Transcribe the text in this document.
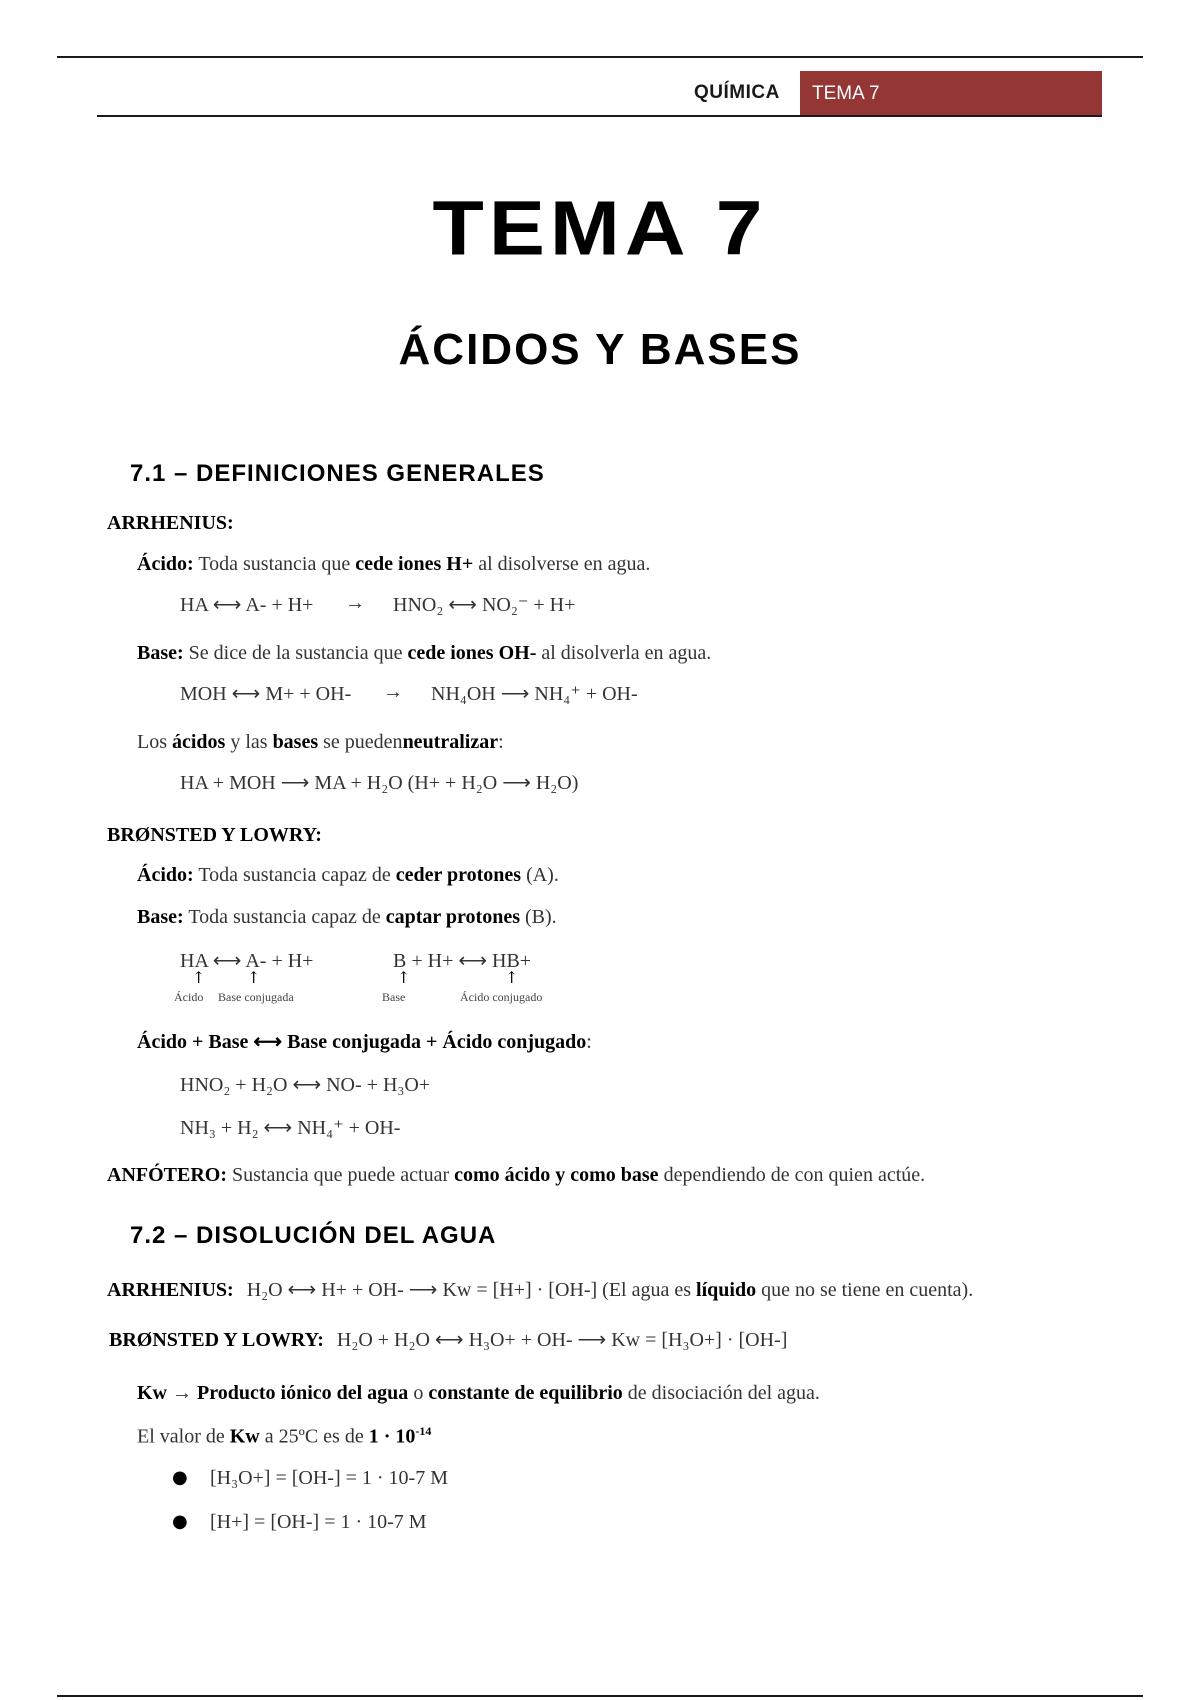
QUÍMICA TEMA 7
TEMA 7
ÁCIDOS Y BASES
7.1 – DEFINICIONES GENERALES
ARRHENIUS:
Ácido: Toda sustancia que cede iones H+ al disolverse en agua.
HA ⟷ A- + H+ → HNO₂ ⟷ NO₂⁻ + H+
Base: Se dice de la sustancia que cede iones OH- al disolverla en agua.
MOH ⟷ M+ + OH- → NH₄OH ⟶ NH₄⁺ + OH-
Los ácidos y las bases se puedenneutralizar:
HA + MOH ⟶ MA + H₂O (H+ + H₂O ⟶ H₂O)
BRØNSTED Y LOWRY:
Ácido: Toda sustancia capaz de ceder protones (A).
Base: Toda sustancia capaz de captar protones (B).
HA ⟷ A- + H+	B + H+ ⟷ HB+
↑	↑	↑	↑
Ácido Base conjugada	Base	Ácido conjugado
Ácido + Base ⟷ Base conjugada + Ácido conjugado:
HNO₂ + H₂O ⟷ NO- + H₃O+
NH₃ + H₂ ⟷ NH₄⁺ + OH-
ANFÓTERO: Sustancia que puede actuar como ácido y como base dependiendo de con quien actúe.
7.2 – DISOLUCIÓN DEL AGUA
ARRHENIUS: H₂O ⟷ H+ + OH- ⟶ Kw = [H+] · [OH-] (El agua es líquido que no se tiene en cuenta).
BRØNSTED Y LOWRY: H₂O + H₂O ⟷ H₃O+ + OH- ⟶ Kw = [H₃O+] · [OH-]
Kw → Producto iónico del agua o constante de equilibrio de disociación del agua.
El valor de Kw a 25ºC es de $1 \cdot 10^{-14}$
● [H₃O+] = [OH-] = 1 · 10-7 M
● [H+] = [OH-] = 1 · 10-7 M
